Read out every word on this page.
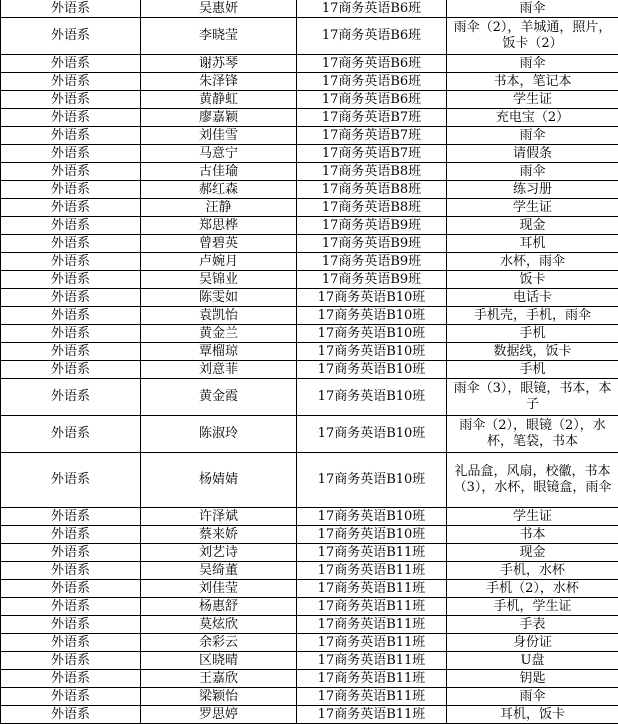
外语系	吴惠妍	17商务英语B6班	雨伞
外语系	李晓莹	17商务英语B6班	雨伞（2），羊城通，照片，饭卡（2）
外语系	谢苏琴	17商务英语B6班	雨伞
外语系	朱泽锋	17商务英语B6班	书本，笔记本
外语系	黄静虹	17商务英语B6班	学生证
外语系	廖嘉颖	17商务英语B7班	充电宝（2）
外语系	刘佳雪	17商务英语B7班	雨伞
外语系	马意宁	17商务英语B7班	请假条
外语系	古佳瑜	17商务英语B8班	雨伞
外语系	郝红森	17商务英语B8班	练习册
外语系	汪静	17商务英语B8班	学生证
外语系	郑思桦	17商务英语B9班	现金
外语系	曾碧英	17商务英语B9班	耳机
外语系	卢婉月	17商务英语B9班	水杯，雨伞
外语系	吴锦业	17商务英语B9班	饭卡
外语系	陈雯如	17商务英语B10班	电话卡
外语系	袁凯怡	17商务英语B10班	手机壳，手机，雨伞
外语系	黄金兰	17商务英语B10班	手机
外语系	覃榴琼	17商务英语B10班	数据线，饭卡
外语系	刘意菲	17商务英语B10班	手机
外语系	黄金霞	17商务英语B10班	雨伞（3），眼镜，书本，本子
外语系	陈淑玲	17商务英语B10班	雨伞（2），眼镜（2），水杯，笔袋，书本
外语系	杨婧婧	17商务英语B10班	礼品盒，风扇，校徽，书本（3），水杯，眼镜盒，雨伞
外语系	许泽斌	17商务英语B10班	学生证
外语系	蔡来娇	17商务英语B10班	书本
外语系	刘艺诗	17商务英语B11班	现金
外语系	吴绮董	17商务英语B11班	手机，水杯
外语系	刘佳莹	17商务英语B11班	手机（2），水杯
外语系	杨惠舒	17商务英语B11班	手机，学生证
外语系	莫炫欣	17商务英语B11班	手表
外语系	余彩云	17商务英语B11班	身份证
外语系	区晓晴	17商务英语B11班	U盘
外语系	王嘉欣	17商务英语B11班	钥匙
外语系	梁颖怡	17商务英语B11班	雨伞
外语系	罗思婷	17商务英语B11班	耳机，饭卡
